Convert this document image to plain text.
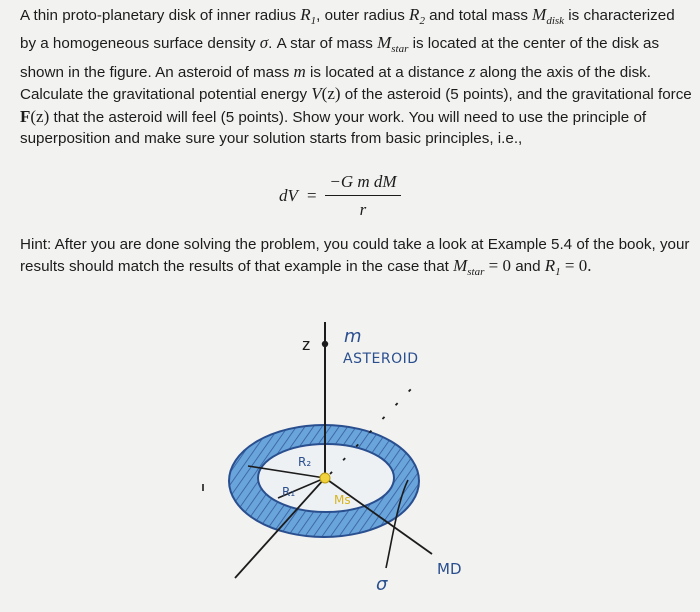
A thin proto-planetary disk of inner radius $R_1$, outer radius $R_2$ and total mass $M_{disk}$ is characterized by a homogeneous surface density σ. A star of mass $M_{star}$ is located at the center of the disk as shown in the figure. An asteroid of mass m is located at a distance z along the axis of the disk. Calculate the gravitational potential energy V(z) of the asteroid (5 points), and the gravitational force F(z) that the asteroid will feel (5 points). Show your work. You will need to use the principle of superposition and make sure your solution starts from basic principles, i.e.,
dV = $\frac{\text{−G m dM}}{r}$
Hint: After you are done solving the problem, you could take a look at Example 5.4 of the book, your results should match the results of that example in the case that $M_{star} = 0$ and $R_1 = 0$.
z m
ASTEROID
R₂
R₁
Ms
MD
σ
